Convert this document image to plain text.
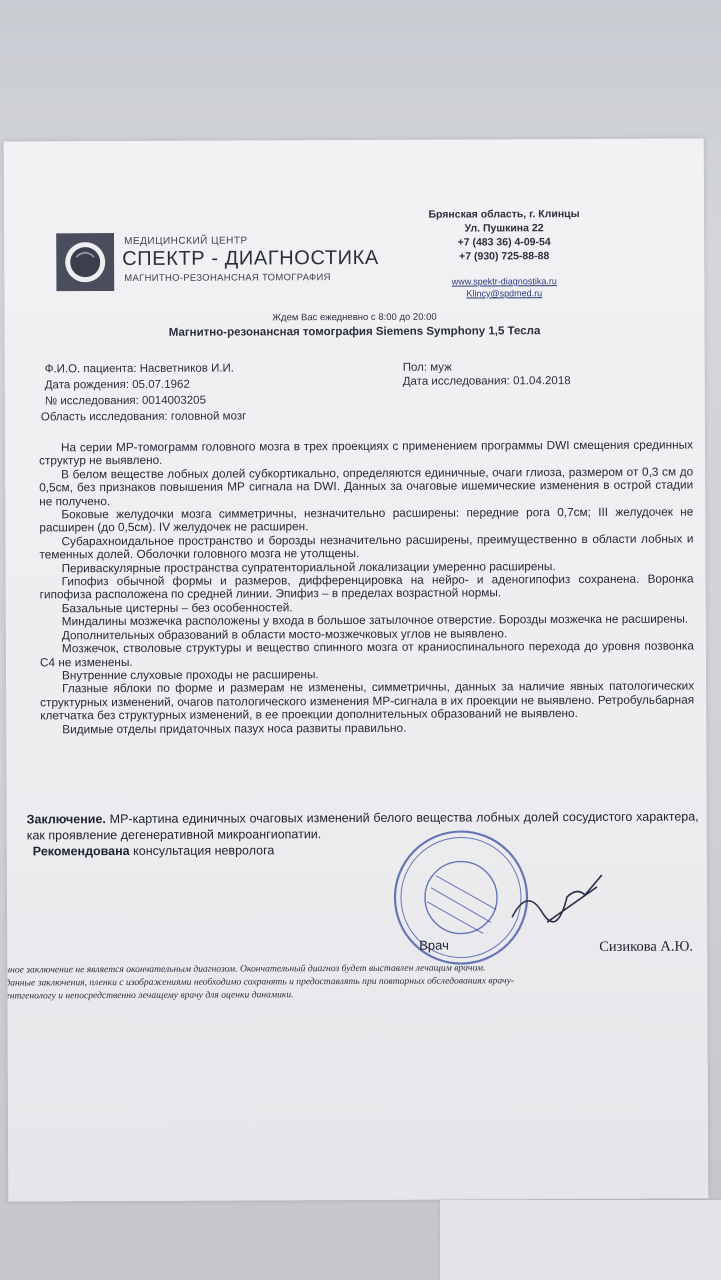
МЕДИЦИНСКИЙ ЦЕНТР
СПЕКТР - ДИАГНОСТИКА
МАГНИТНО-РЕЗОНАНСНАЯ ТОМОГРАФИЯ
Брянская область, г. Клинцы
Ул. Пушкина 22
+7 (483 36) 4-09-54
+7 (930) 725-88-88
www.spektr-diagnostika.ru
Klincy@spdmed.ru
Ждем Вас ежедневно с 8:00 до 20:00
Магнитно-резонансная томография Siemens Symphony 1,5 Тесла
Ф.И.О. пациента: Насветников И.И.	Пол: муж
Дата рождения: 05.07.1962	Дата исследования: 01.04.2018
№ исследования: 0014003205
Область исследования: головной мозг

На серии МР-томограмм головного мозга в трех проекциях с применением программы DWI смещения срединных структур не выявлено.

В белом веществе лобных долей субкортикально, определяются единичные, очаги глиоза, размером от 0,3 см до 0,5см, без признаков повышения МР сигнала на DWI. Данных за очаговые ишемические изменения в острой стадии не получено.

Боковые желудочки мозга симметричны, незначительно расширены: передние рога 0,7см; III желудочек не расширен (до 0,5см). IV желудочек не расширен.

Субарахноидальное пространство и борозды незначительно расширены, преимущественно в области лобных и теменных долей. Оболочки головного мозга не утолщены.

Периваскулярные пространства супратенториальной локализации умеренно расширены.

Гипофиз обычной формы и размеров, дифференцировка на нейро- и аденогипофиз сохранена. Воронка гипофиза расположена по средней линии. Эпифиз – в пределах возрастной нормы.

Базальные цистерны – без особенностей.

Миндалины мозжечка расположены у входа в большое затылочное отверстие. Борозды мозжечка не расширены.

Дополнительных образований в области мосто-мозжечковых углов не выявлено.

Мозжечок, стволовые структуры и вещество спинного мозга от краниоспинального перехода до уровня позвонка С4 не изменены.

Внутренние слуховые проходы не расширены.

Глазные яблоки по форме и размерам не изменены, симметричны, данных за наличие явных патологических структурных изменений, очагов патологического изменения МР-сигнала в их проекции не выявлено. Ретробульбарная клетчатка без структурных изменений, в ее проекции дополнительных образований не выявлено.

Видимые отделы придаточных пазух носа развиты правильно.

Заключение. МР-картина единичных очаговых изменений белого вещества лобных долей сосудистого характера, как проявление дегенеративной микроангиопатии.

Рекомендована консультация невролога

Врач	Сизикова А.Ю.
нное заключение не является окончательным диагнозом. Окончательный диагноз будет выставлен лечащим врачом.
данные заключения, пленки с изображениями необходимо сохранять и предоставлять при повторных обследованиях врачу-
ентгенологу и непосредственно лечащему врачу для оценки динамики.
